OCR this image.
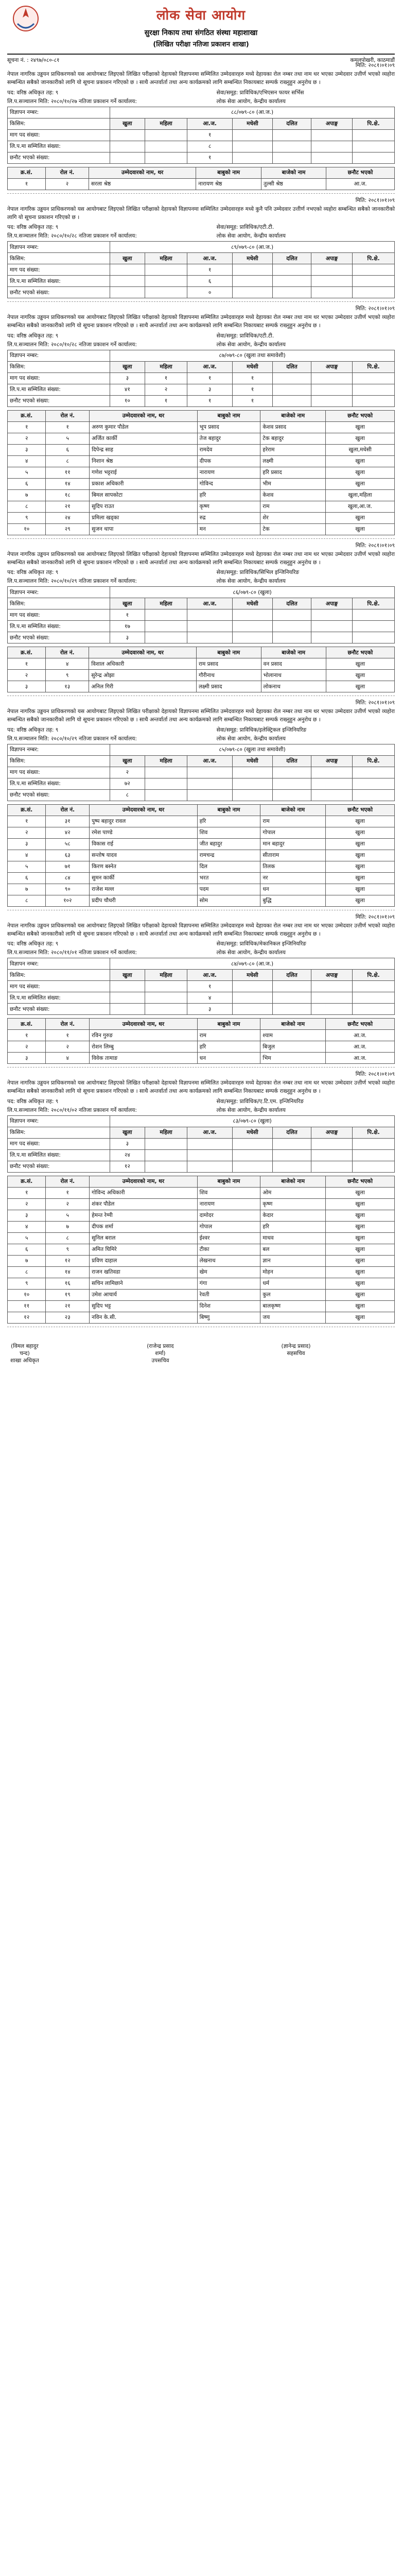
लोक सेवा आयोग
सुरक्षा निकाय तथा संगठित संस्था महाशाखा
(लिखित परीक्षा नतिजा प्रकाशन शाखा)
सूचना नं. : २४९७/०८०-८१	कमलपोखरी, काठमाडौं
मिति: २०८१।०१।०९
नेपाल नागरिक उड्डयन प्राधिकरणको यस आयोगबाट लिइएको लिखित परीक्षाको देहायको विज्ञापनमा सम्मिलित उम्मेदवारहरु मध्ये देहायका रोल नम्बर तथा नाम थर भएका उम्मेदवार उत्तीर्ण भएको व्यहोरा सम्बन्धित सबैको जानकारीको लागि यो सूचना प्रकाशन गरिएको छ । साथै अन्तर्वार्ता तथा अन्य कार्यक्रमको लागि सम्बन्धित निकायबाट सम्पर्क राख्नुहुन अनुरोध छ ।
पद: वरिष्ठ अधिकृत तह: ९	सेवा/समूह: प्राविधिक/एभिएसन फायर सर्भिस
लि.प.सञ्चालन मिति: २०८०/१०/२७ नतिजा प्रकाशन गर्ने कार्यालय:	लोक सेवा आयोग, केन्द्रीय कार्यालय
विज्ञापन नम्बर:	८८/०७९-८० (आ.ज.)						
किसिम:	खुला	महिला	आ.ज.	मधेसी	दलित	अपाङ्ग	पि.क्षे.
माग पद संख्या:			१				
लि.प.मा सम्मिलित संख्या:			८				
छनौट भएको संख्या:			१				
क्र.सं.	रोल नं.	उम्मेदवारको नाम, थर	बाबुको नाम	बाजेको नाम	छनौट भएको
१	२	सरला श्रेष्ठ	नारायण श्रेष्ठ	तुल्सी श्रेष्ठ	आ.ज.
मिति: २०८१।०१।०९
नेपाल नागरिक उड्डयन प्राधिकरणको यस आयोगबाट लिइएको लिखित परीक्षाको देहायको विज्ञापनमा सम्मिलित उम्मेदवारहरु मध्ये कुनै पनि उम्मेदवार उत्तीर्ण नभएको व्यहोरा सम्बन्धित सबैको जानकारीको लागि यो सूचना प्रकाशन गरिएको छ ।
पद: वरिष्ठ अधिकृत तह: ९	सेवा/समूह: प्राविधिक/एटी.टी.
लि.प.सञ्चालन मिति: २०८०/१०/२८ नतिजा प्रकाशन गर्ने कार्यालय:	लोक सेवा आयोग, केन्द्रीय कार्यालय
विज्ञापन नम्बर:	८९/०७९-८० (आ.ज.)						
किसिम:	खुला	महिला	आ.ज.	मधेसी	दलित	अपाङ्ग	पि.क्षे.
माग पद संख्या:			१				
लि.प.मा सम्मिलित संख्या:			६				
छनौट भएको संख्या:			०				
मिति: २०८१।०१।०९
नेपाल नागरिक उड्डयन प्राधिकरणको यस आयोगबाट लिइएको लिखित परीक्षाको देहायको विज्ञापनमा सम्मिलित उम्मेदवारहरु मध्ये देहायका रोल नम्बर तथा नाम थर भएका उम्मेदवार उत्तीर्ण भएको व्यहोरा सम्बन्धित सबैको जानकारीको लागि यो सूचना प्रकाशन गरिएको छ । साथै अन्तर्वार्ता तथा अन्य कार्यक्रमको लागि सम्बन्धित निकायबाट सम्पर्क राख्नुहुन अनुरोध छ ।
पद: वरिष्ठ अधिकृत तह: ९	सेवा/समूह: प्राविधिक/एटी.टी.
लि.प.सञ्चालन मिति: २०८०/१०/२८ नतिजा प्रकाशन गर्ने कार्यालय:	लोक सेवा आयोग, केन्द्रीय कार्यालय
विज्ञापन नम्बर:	८७/०७९-८० (खुला तथा समावेशी)						
किसिम:	खुला	महिला	आ.ज.	मधेसी	दलित	अपाङ्ग	पि.क्षे.
माग पद संख्या:	३	१	१	१			
लि.प.मा सम्मिलित संख्या:	४१	२	३	१			
छनौट भएको संख्या:	१०	१	१	१			
क्र.सं.	रोल नं.	उम्मेदवारको नाम, थर	बाबुको नाम	बाजेको नाम	छनौट भएको
१	१	अरुण कुमार पौडेल	भूप प्रसाद	केशव प्रसाद	खुला
२	५	अर्जित कार्की	तेज बहादुर	टेक बहादुर	खुला
३	६	दिपेन्द्र साह	रामदेव	हरेराम	खुला,मधेसी
४	८	निशान श्रेष्ठ	दीपक	लक्ष्मी	खुला
५	११	गणेश भट्टराई	नारायण	हरि प्रसाद	खुला
६	१४	प्रकाश अधिकारी	गोविन्द	भीम	खुला
७	१८	बिमल सापकोटा	हरि	केशव	खुला,महिला
८	२१	सुदिप राउत	कृष्ण	राम	खुला,आ.ज.
९	२४	प्रमिला खड्का	रुद्र	शेर	खुला
१०	२९	सुजन थापा	मन	टेक	खुला
मिति: २०८१।०१।०९
नेपाल नागरिक उड्डयन प्राधिकरणको यस आयोगबाट लिइएको लिखित परीक्षाको देहायको विज्ञापनमा सम्मिलित उम्मेदवारहरु मध्ये देहायका रोल नम्बर तथा नाम थर भएका उम्मेदवार उत्तीर्ण भएको व्यहोरा सम्बन्धित सबैको जानकारीको लागि यो सूचना प्रकाशन गरिएको छ । साथै अन्तर्वार्ता तथा अन्य कार्यक्रमको लागि सम्बन्धित निकायबाट सम्पर्क राख्नुहुन अनुरोध छ ।
पद: वरिष्ठ अधिकृत तह: ९	सेवा/समूह: प्राविधिक/सिभिल इन्जिनियरिङ
लि.प.सञ्चालन मिति: २०८०/१०/२९ नतिजा प्रकाशन गर्ने कार्यालय:	लोक सेवा आयोग, केन्द्रीय कार्यालय
विज्ञापन नम्बर:	८६/०७९-८० (खुला)						
किसिम:	खुला	महिला	आ.ज.	मधेसी	दलित	अपाङ्ग	पि.क्षे.
माग पद संख्या:	१						
लि.प.मा सम्मिलित संख्या:	१७						
छनौट भएको संख्या:	३						
क्र.सं.	रोल नं.	उम्मेदवारको नाम, थर	बाबुको नाम	बाजेको नाम	छनौट भएको
१	४	विशाल अधिकारी	राम प्रसाद	वन प्रसाद	खुला
२	९	सुरेन्द्र ओझा	गौरीनाथ	भोलानाथ	खुला
३	१३	अनिल गिरी	लक्ष्मी प्रसाद	लोकनाथ	खुला
मिति: २०८१।०१।०९
नेपाल नागरिक उड्डयन प्राधिकरणको यस आयोगबाट लिइएको लिखित परीक्षाको देहायको विज्ञापनमा सम्मिलित उम्मेदवारहरु मध्ये देहायका रोल नम्बर तथा नाम थर भएका उम्मेदवार उत्तीर्ण भएको व्यहोरा सम्बन्धित सबैको जानकारीको लागि यो सूचना प्रकाशन गरिएको छ । साथै अन्तर्वार्ता तथा अन्य कार्यक्रमको लागि सम्बन्धित निकायबाट सम्पर्क राख्नुहुन अनुरोध छ ।
पद: वरिष्ठ अधिकृत तह: ९	सेवा/समूह: प्राविधिक/इलेक्ट्रिकल इन्जिनियरिङ
लि.प.सञ्चालन मिति: २०८०/१०/२९ नतिजा प्रकाशन गर्ने कार्यालय:	लोक सेवा आयोग, केन्द्रीय कार्यालय
विज्ञापन नम्बर:	८५/०७९-८० (खुला तथा समावेशी)						
किसिम:	खुला	महिला	आ.ज.	मधेसी	दलित	अपाङ्ग	पि.क्षे.
माग पद संख्या:	२						
लि.प.मा सम्मिलित संख्या:	७२						
छनौट भएको संख्या:	८						
क्र.सं.	रोल नं.	उम्मेदवारको नाम, थर	बाबुको नाम	बाजेको नाम	छनौट भएको
१	३१	पुष्प बहादुर रावल	हरि	राम	खुला
२	४२	रमेश पाण्डे	शिव	गोपाल	खुला
३	५८	विकास राई	जीत बहादुर	मान बहादुर	खुला
४	६३	सन्तोष यादव	रामचन्द्र	सीताराम	खुला
५	७१	किरण बस्नेत	दिल	तिलक	खुला
६	८४	सुमन कार्की	भरत	नर	खुला
७	९०	राजेश मल्ल	पदम	धन	खुला
८	१०२	प्रदीप चौधरी	सोम	बुद्धि	खुला
मिति: २०८१।०१।०९
नेपाल नागरिक उड्डयन प्राधिकरणको यस आयोगबाट लिइएको लिखित परीक्षाको देहायको विज्ञापनमा सम्मिलित उम्मेदवारहरु मध्ये देहायका रोल नम्बर तथा नाम थर भएका उम्मेदवार उत्तीर्ण भएको व्यहोरा सम्बन्धित सबैको जानकारीको लागि यो सूचना प्रकाशन गरिएको छ । साथै अन्तर्वार्ता तथा अन्य कार्यक्रमको लागि सम्बन्धित निकायबाट सम्पर्क राख्नुहुन अनुरोध छ ।
पद: वरिष्ठ अधिकृत तह: ९	सेवा/समूह: प्राविधिक/मेकानिकल इन्जिनियरिङ
लि.प.सञ्चालन मिति: २०८०/११/०१ नतिजा प्रकाशन गर्ने कार्यालय:	लोक सेवा आयोग, केन्द्रीय कार्यालय
विज्ञापन नम्बर:	८४/०७९-८० (आ.ज.)						
किसिम:	खुला	महिला	आ.ज.	मधेसी	दलित	अपाङ्ग	पि.क्षे.
माग पद संख्या:			१				
लि.प.मा सम्मिलित संख्या:			४				
छनौट भएको संख्या:			३				
क्र.सं.	रोल नं.	उम्मेदवारको नाम, थर	बाबुको नाम	बाजेको नाम	छनौट भएको
१	१	रविन गुरुङ	राम	श्याम	आ.ज.
२	२	रोशन लिम्बु	हरि	बिजुल	आ.ज.
३	४	विवेक तामाङ	धन	भिम	आ.ज.
मिति: २०८१।०१।०९
नेपाल नागरिक उड्डयन प्राधिकरणको यस आयोगबाट लिइएको लिखित परीक्षाको देहायको विज्ञापनमा सम्मिलित उम्मेदवारहरु मध्ये देहायका रोल नम्बर तथा नाम थर भएका उम्मेदवार उत्तीर्ण भएको व्यहोरा सम्बन्धित सबैको जानकारीको लागि यो सूचना प्रकाशन गरिएको छ । साथै अन्तर्वार्ता तथा अन्य कार्यक्रमको लागि सम्बन्धित निकायबाट सम्पर्क राख्नुहुन अनुरोध छ ।
पद: वरिष्ठ अधिकृत तह: ९	सेवा/समूह: प्राविधिक/ए.टि.एम. इन्जिनियरिङ
लि.प.सञ्चालन मिति: २०८०/११/०२ नतिजा प्रकाशन गर्ने कार्यालय:	लोक सेवा आयोग, केन्द्रीय कार्यालय
विज्ञापन नम्बर:	८३/०७९-८० (खुला)						
किसिम:	खुला	महिला	आ.ज.	मधेसी	दलित	अपाङ्ग	पि.क्षे.
माग पद संख्या:	३						
लि.प.मा सम्मिलित संख्या:	२४						
छनौट भएको संख्या:	१२						
क्र.सं.	रोल नं.	उम्मेदवारको नाम, थर	बाबुको नाम	बाजेको नाम	छनौट भएको
१	१	गोविन्द अधिकारी	शिव	ओम	खुला
२	२	शंकर पौडेल	नारायण	कृष्ण	खुला
३	५	हेमन्त रेग्मी	दामोदर	केदार	खुला
४	७	दीपक शर्मा	गोपाल	हरि	खुला
५	८	सुनिल बराल	ईश्वर	माधव	खुला
६	९	अमित घिमिरे	टीका	बल	खुला
७	१२	प्रविण दाहाल	लेखनाथ	ज्ञान	खुला
८	१४	राजन खतिवडा	खेम	मोहन	खुला
९	१६	सचिन लामिछाने	गंगा	धर्म	खुला
१०	१९	उमेश आचार्य	रेवती	कुल	खुला
११	२१	सुदिप भट्ट	दिनेश	बालकृष्ण	खुला
१२	२३	नविन के.सी.	बिष्णु	जय	खुला
(विमल बहादुर चन्द)
शाखा अधिकृत
(राजेन्द्र प्रसाद शर्मा)
उपसचिव
(ज्ञानेन्द्र प्रसाद)
सहसचिव
